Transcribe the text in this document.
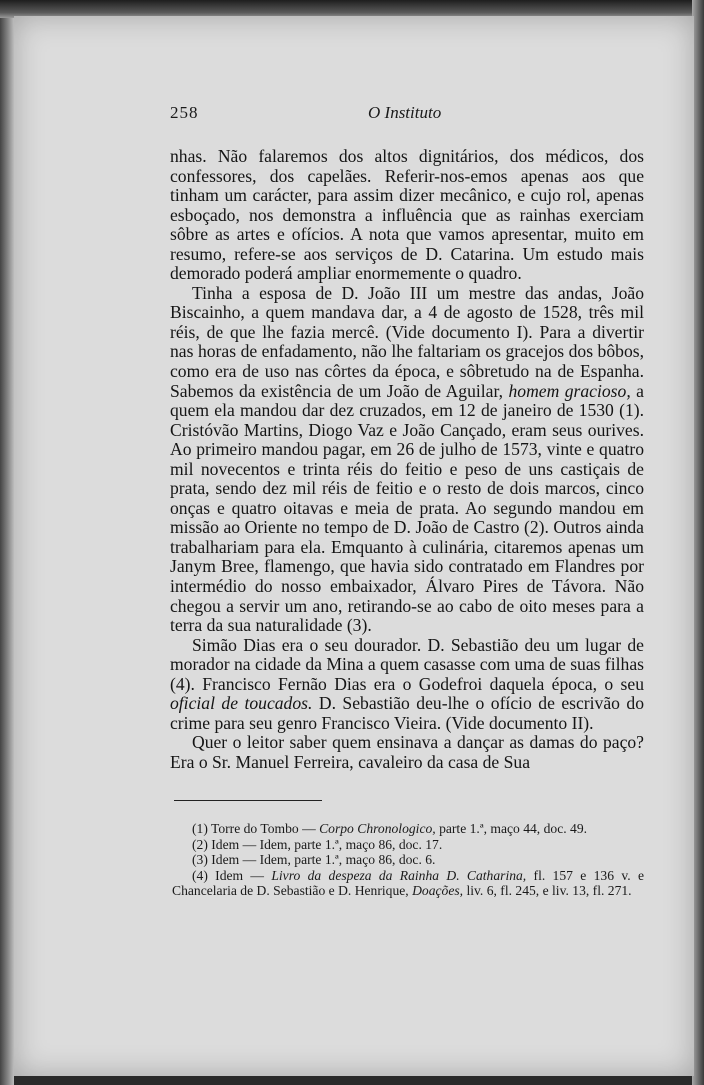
258	O Instituto

nhas. Não falaremos dos altos dignitários, dos médicos, dos confessores, dos capelães. Referir-nos-emos apenas aos que tinham um carácter, para assim dizer mecânico, e cujo rol, apenas esboçado, nos demonstra a influência que as rainhas exerciam sôbre as artes e ofícios. A nota que vamos apresentar, muito em resumo, refere-se aos serviços de D. Catarina. Um estudo mais demorado poderá ampliar enormemente o quadro.

Tinha a esposa de D. João III um mestre das andas, João Biscainho, a quem mandava dar, a 4 de agosto de 1528, três mil réis, de que lhe fazia mercê. (Vide documento I). Para a divertir nas horas de enfadamento, não lhe faltariam os gracejos dos bôbos, como era de uso nas côrtes da época, e sôbretudo na de Espanha. Sabemos da existência de um João de Aguilar, homem gracioso, a quem ela mandou dar dez cruzados, em 12 de janeiro de 1530 (1). Cristóvão Martins, Diogo Vaz e João Cançado, eram seus ourives. Ao primeiro mandou pagar, em 26 de julho de 1573, vinte e quatro mil novecentos e trinta réis do feitio e peso de uns castiçais de prata, sendo dez mil réis de feitio e o resto de dois marcos, cinco onças e quatro oitavas e meia de prata. Ao segundo mandou em missão ao Oriente no tempo de D. João de Castro (2). Outros ainda trabalhariam para ela. Emquanto à culinária, citaremos apenas um Janym Bree, flamengo, que havia sido contratado em Flandres por intermédio do nosso embaixador, Álvaro Pires de Távora. Não chegou a servir um ano, retirando-se ao cabo de oito meses para a terra da sua naturalidade (3).

Simão Dias era o seu dourador. D. Sebastião deu um lugar de morador na cidade da Mina a quem casasse com uma de suas filhas (4). Francisco Fernão Dias era o Godefroi daquela época, o seu oficial de toucados. D. Sebastião deu-lhe o ofício de escrivão do crime para seu genro Francisco Vieira. (Vide documento II).

Quer o leitor saber quem ensinava a dançar as damas do paço? Era o Sr. Manuel Ferreira, cavaleiro da casa de Sua

(1) Torre do Tombo — Corpo Chronologico, parte 1.ª, maço 44, doc. 49.

(2) Idem — Idem, parte 1.ª, maço 86, doc. 17.

(3) Idem — Idem, parte 1.ª, maço 86, doc. 6.

(4) Idem — Livro da despeza da Rainha D. Catharina, fl. 157 e 136 v. e Chancelaria de D. Sebastião e D. Henrique, Doações, liv. 6, fl. 245, e liv. 13, fl. 271.
